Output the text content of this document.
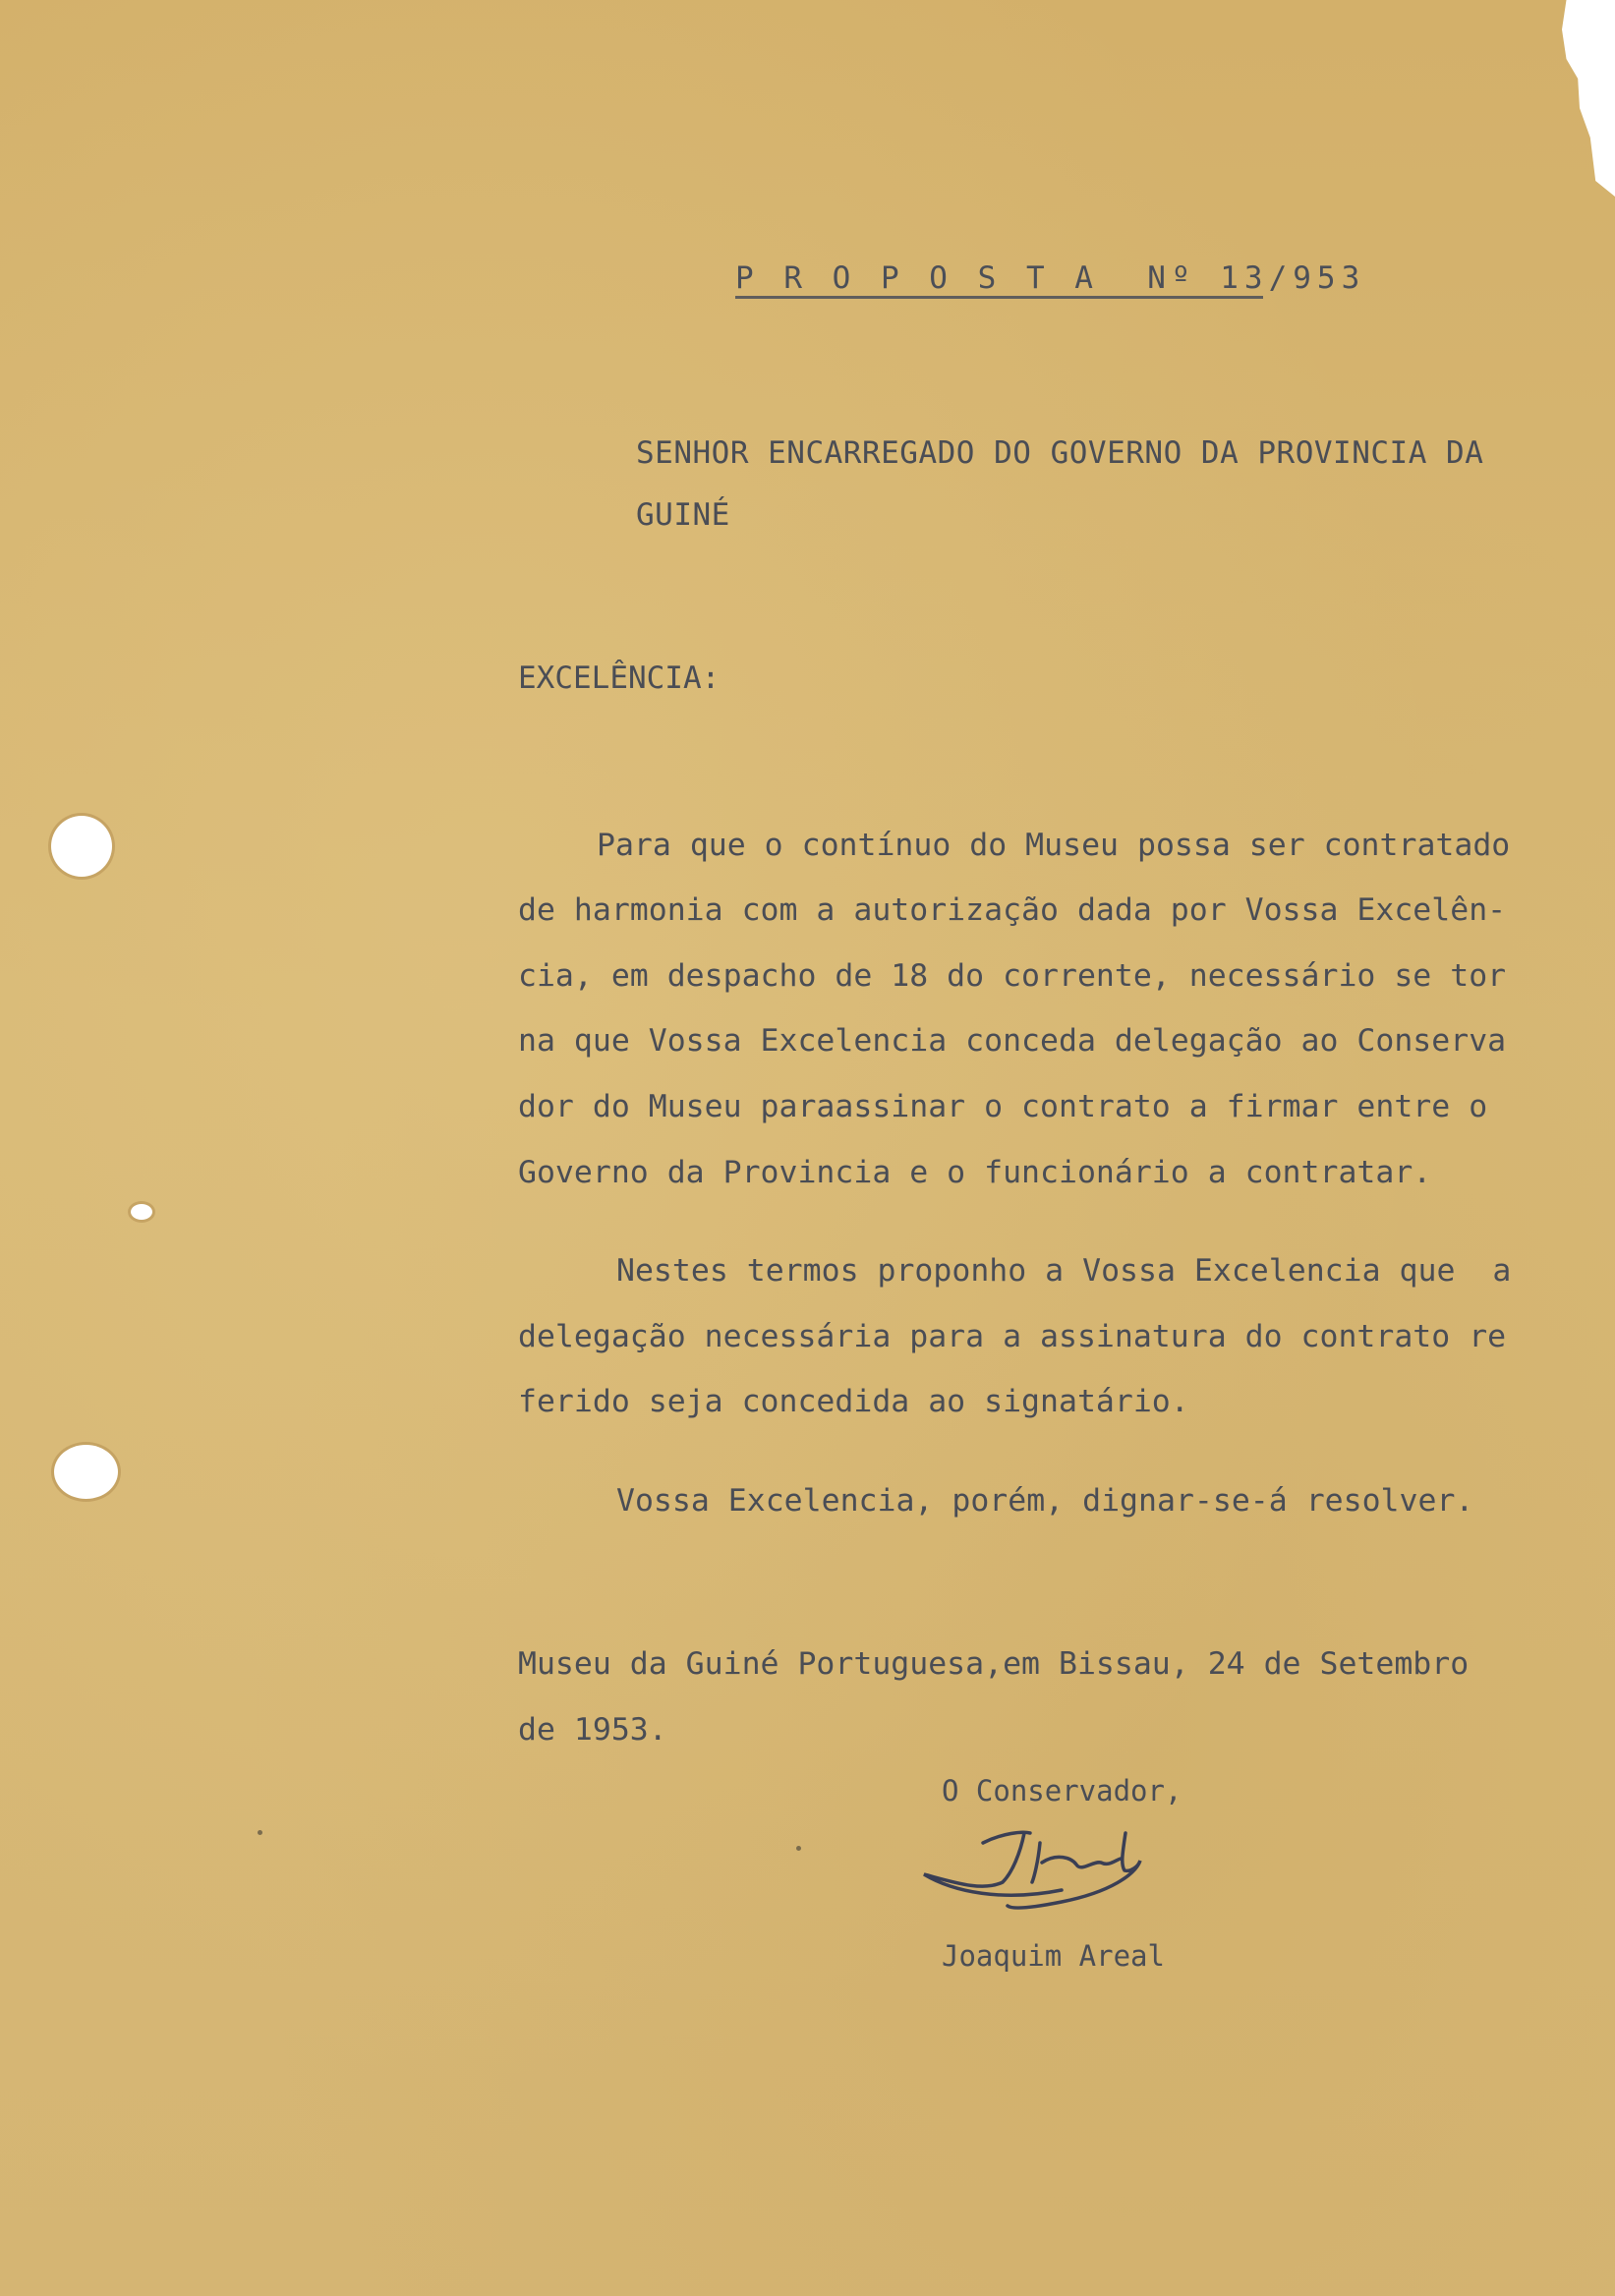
P R O P O S T A  Nº 13/953
SENHOR ENCARREGADO DO GOVERNO DA PROVINCIA DA
GUINÉ
EXCELÊNCIA:
Para que o contínuo do Museu possa ser contratado
de harmonia com a autorização dada por Vossa Excelên-
cia, em despacho de 18 do corrente, necessário se tor
na que Vossa Excelencia conceda delegação ao Conserva
dor do Museu paraassinar o contrato a firmar entre o
Governo da Provincia e o funcionário a contratar.
Nestes termos proponho a Vossa Excelencia que  a
delegação necessária para a assinatura do contrato re
ferido seja concedida ao signatário.
Vossa Excelencia, porém, dignar-se-á resolver.
Museu da Guiné Portuguesa,em Bissau, 24 de Setembro
de 1953.
O Conservador,
Joaquim Areal
